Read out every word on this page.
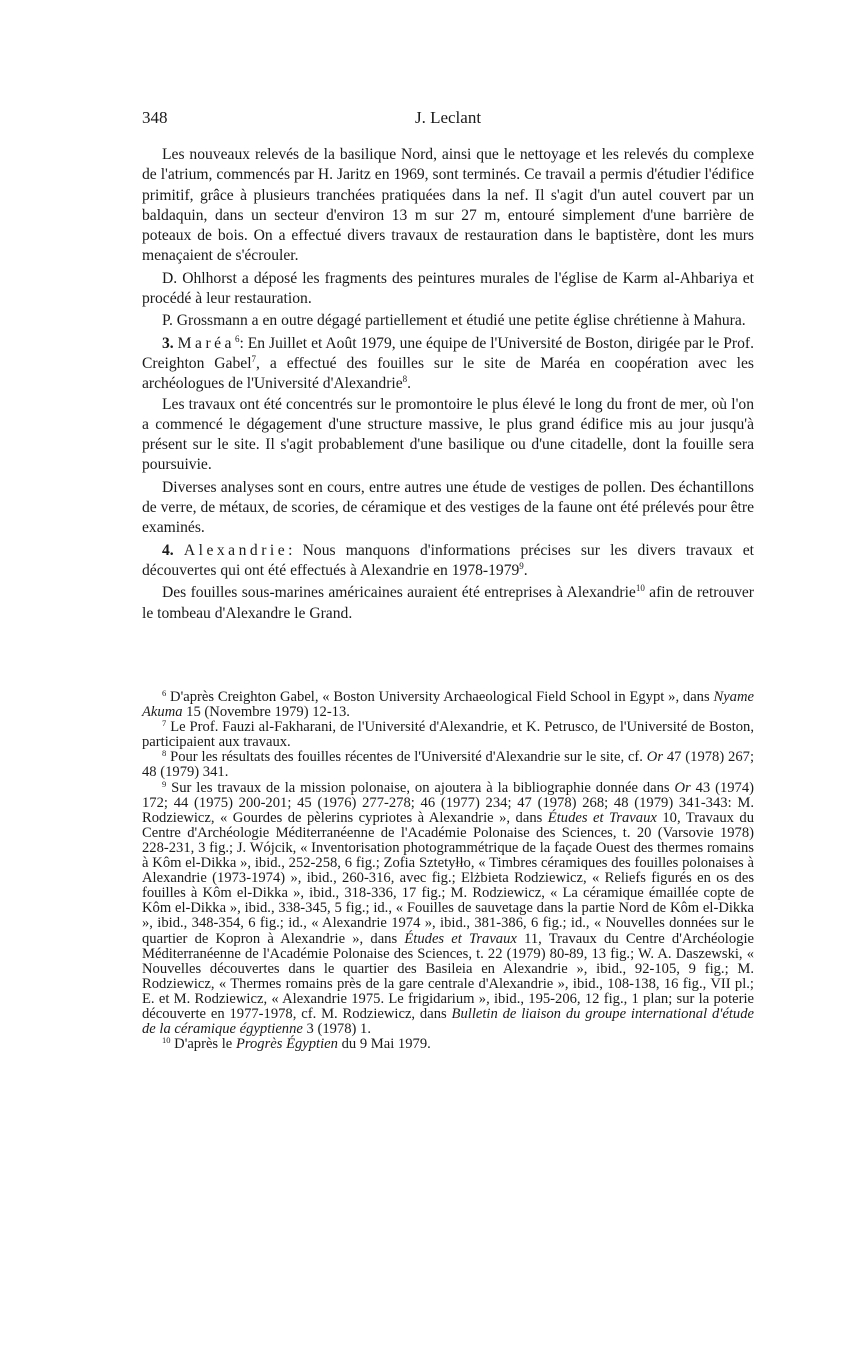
348	J. Leclant

Les nouveaux relevés de la basilique Nord, ainsi que le nettoyage et les relevés du complexe de l'atrium, commencés par H. Jaritz en 1969, sont terminés. Ce travail a permis d'étudier l'édifice primitif, grâce à plusieurs tranchées pratiquées dans la nef. Il s'agit d'un autel couvert par un baldaquin, dans un secteur d'environ 13 m sur 27 m, entouré simplement d'une barrière de poteaux de bois. On a effectué divers travaux de restauration dans le baptistère, dont les murs menaçaient de s'écrouler.

D. Ohlhorst a déposé les fragments des peintures murales de l'église de Karm al-Ahbariya et procédé à leur restauration.

P. Grossmann a en outre dégagé partiellement et étudié une petite église chrétienne à Mahura.

3. Maréa$^6$: En Juillet et Août 1979, une équipe de l'Université de Boston, dirigée par le Prof. Creighton Gabel$^7$, a effectué des fouilles sur le site de Maréa en coopération avec les archéologues de l'Université d'Alexandrie$^8$.

Les travaux ont été concentrés sur le promontoire le plus élevé le long du front de mer, où l'on a commencé le dégagement d'une structure massive, le plus grand édifice mis au jour jusqu'à présent sur le site. Il s'agit probablement d'une basilique ou d'une citadelle, dont la fouille sera poursuivie.

Diverses analyses sont en cours, entre autres une étude de vestiges de pollen. Des échantillons de verre, de métaux, de scories, de céramique et des vestiges de la faune ont été prélevés pour être examinés.

4. Alexandrie: Nous manquons d'informations précises sur les divers travaux et découvertes qui ont été effectués à Alexandrie en 1978-1979$^9$.

Des fouilles sous-marines américaines auraient été entreprises à Alexandrie$^{10}$ afin de retrouver le tombeau d'Alexandre le Grand.

$^6$ D'après Creighton Gabel, « Boston University Archaeological Field School in Egypt », dans Nyame Akuma 15 (Novembre 1979) 12-13.

$^7$ Le Prof. Fauzi al-Fakharani, de l'Université d'Alexandrie, et K. Petrusco, de l'Université de Boston, participaient aux travaux.

$^8$ Pour les résultats des fouilles récentes de l'Université d'Alexandrie sur le site, cf. Or 47 (1978) 267; 48 (1979) 341.

$^9$ Sur les travaux de la mission polonaise, on ajoutera à la bibliographie donnée dans Or 43 (1974) 172; 44 (1975) 200-201; 45 (1976) 277-278; 46 (1977) 234; 47 (1978) 268; 48 (1979) 341-343: M. Rodziewicz, « Gourdes de pèlerins cypriotes à Alexandrie », dans Études et Travaux 10, Travaux du Centre d'Archéologie Méditerranéenne de l'Académie Polonaise des Sciences, t. 20 (Varsovie 1978) 228-231, 3 fig.; J. Wójcik, « Inventorisation photogrammétrique de la façade Ouest des thermes romains à Kôm el-Dikka », ibid., 252-258, 6 fig.; Zofia Sztetyłło, « Timbres céramiques des fouilles polonaises à Alexandrie (1973-1974) », ibid., 260-316, avec fig.; Elżbieta Rodziewicz, « Reliefs figurés en os des fouilles à Kôm el-Dikka », ibid., 318-336, 17 fig.; M. Rodziewicz, « La céramique émaillée copte de Kôm el-Dikka », ibid., 338-345, 5 fig.; id., « Fouilles de sauvetage dans la partie Nord de Kôm el-Dikka », ibid., 348-354, 6 fig.; id., « Alexandrie 1974 », ibid., 381-386, 6 fig.; id., « Nouvelles données sur le quartier de Kopron à Alexandrie », dans Études et Travaux 11, Travaux du Centre d'Archéologie Méditerranéenne de l'Académie Polonaise des Sciences, t. 22 (1979) 80-89, 13 fig.; W. A. Daszewski, « Nouvelles découvertes dans le quartier des Basileia en Alexandrie », ibid., 92-105, 9 fig.; M. Rodziewicz, « Thermes romains près de la gare centrale d'Alexandrie », ibid., 108-138, 16 fig., VII pl.; E. et M. Rodziewicz, « Alexandrie 1975. Le frigidarium », ibid., 195-206, 12 fig., 1 plan; sur la poterie découverte en 1977-1978, cf. M. Rodziewicz, dans Bulletin de liaison du groupe international d'étude de la céramique égyptienne 3 (1978) 1.

$^{10}$ D'après le Progrès Égyptien du 9 Mai 1979.
